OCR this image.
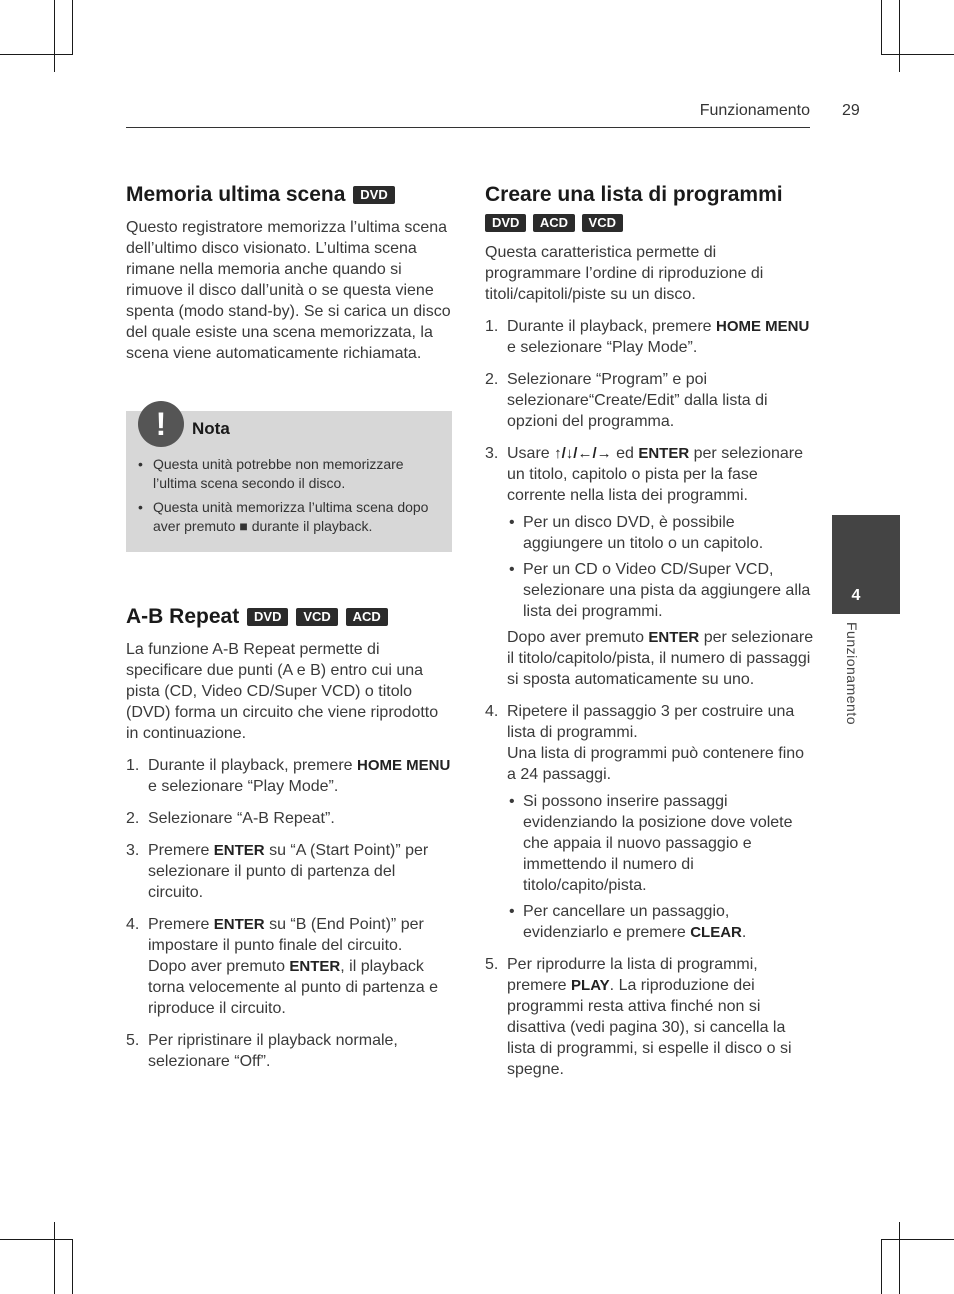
Funzionamento 29
Memoria ultima scena DVD

Questo registratore memorizza l’ultima scena dell’ultimo disco visionato. L’ultima scena rimane nella memoria anche quando si rimuove il disco dall’unità o se questa viene spenta (modo stand-by). Se si carica un disco del quale esiste una scena memorizzata, la scena viene automaticamente richiamata.

!	Nota
• Questa unità potrebbe non memorizzare l’ultima scena secondo il disco.
• Questa unità memorizza l’ultima scena dopo aver premuto ■ durante il playback.
A-B Repeat DVD VCD ACD

La funzione A-B Repeat permette di specificare due punti (A e B) entro cui una pista (CD, Video CD/Super VCD) o titolo (DVD) forma un circuito che viene riprodotto in continuazione.

1. Durante il playback, premere HOME MENU e selezionare “Play Mode”.
2. Selezionare “A-B Repeat”.
3. Premere ENTER su “A (Start Point)” per selezionare il punto di partenza del circuito.
4. Premere ENTER su “B (End Point)” per impostare il punto finale del circuito.
Dopo aver premuto ENTER, il playback torna velocemente al punto di partenza e riproduce il circuito.
5. Per ripristinare il playback normale, selezionare “Off”.
Creare una lista di programmi
DVD ACD VCD

Questa caratteristica permette di programmare l’ordine di riproduzione di titoli/capitoli/piste su un disco.

1. Durante il playback, premere HOME MENU e selezionare “Play Mode”.
2. Selezionare “Program” e poi selezionare“Create/Edit” dalla lista di opzioni del programma.
3. Usare ↑/↓/←/→ ed ENTER per selezionare un titolo, capitolo o pista per la fase corrente nella lista dei programmi.
• Per un disco DVD, è possibile aggiungere un titolo o un capitolo.
• Per un CD o Video CD/Super VCD, selezionare una pista da aggiungere alla lista dei programmi.

Dopo aver premuto ENTER per selezionare il titolo/capitolo/pista, il numero di passaggi si sposta automaticamente su uno.

4. Ripetere il passaggio 3 per costruire una lista di programmi.
Una lista di programmi può contenere fino a 24 passaggi.
• Si possono inserire passaggi evidenziando la posizione dove volete che appaia il nuovo passaggio e immettendo il numero di titolo/capito/pista.
• Per cancellare un passaggio, evidenziarlo e premere CLEAR.
5. Per riprodurre la lista di programmi, premere PLAY. La riproduzione dei programmi resta attiva finché non si disattiva (vedi pagina 30), si cancella la lista di programmi, si espelle il disco o si spegne.
4
Funzionamento
